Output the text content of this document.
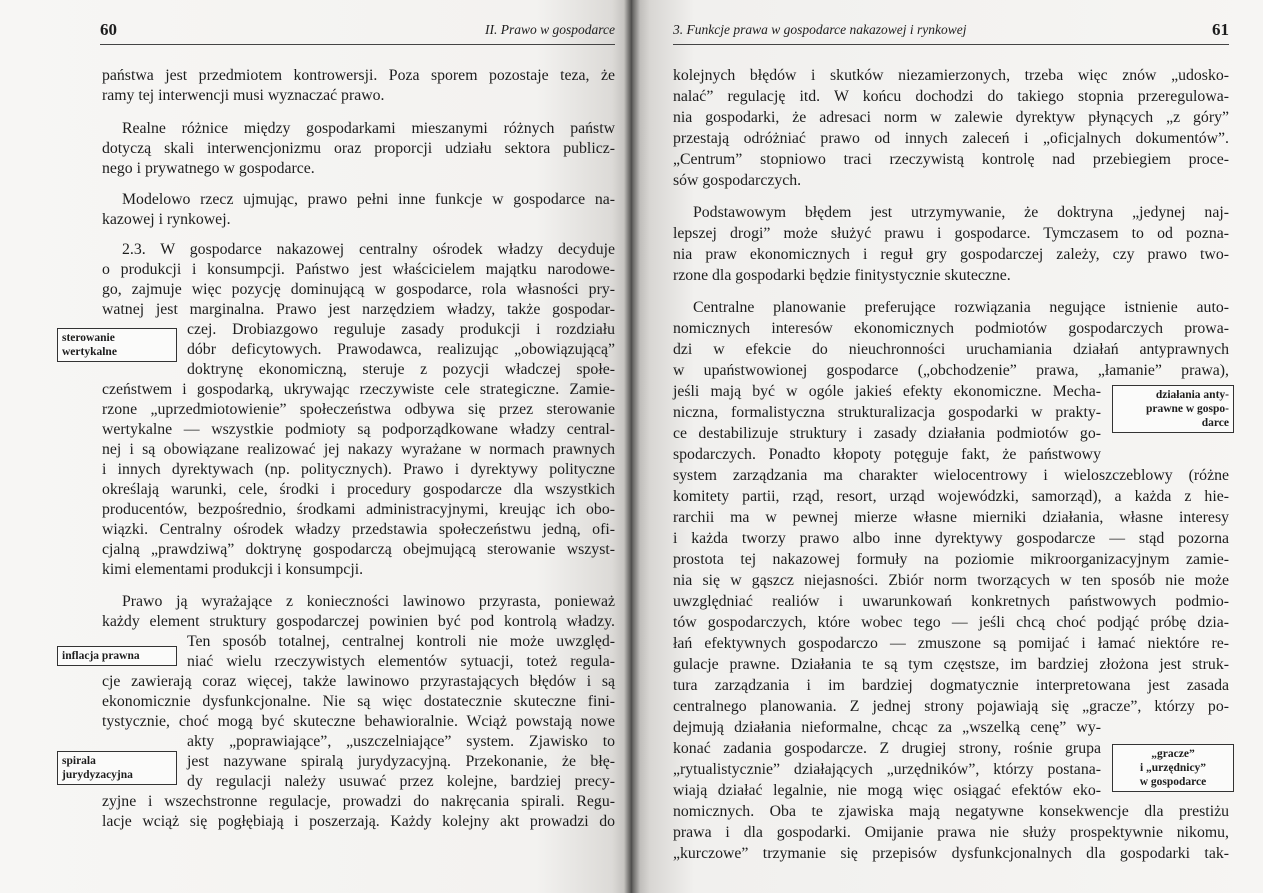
60	II. Prawo w gospodarce
państwa jest przedmiotem kontrowersji. Poza sporem pozostaje teza, że
ramy tej interwencji musi wyznaczać prawo.
Realne różnice między gospodarkami mieszanymi różnych państw
dotyczą skali interwencjonizmu oraz proporcji udziału sektora publicz-
nego i prywatnego w gospodarce.
Modelowo rzecz ujmując, prawo pełni inne funkcje w gospodarce na-
kazowej i rynkowej.
2.3. W gospodarce nakazowej centralny ośrodek władzy decyduje
o produkcji i konsumpcji. Państwo jest właścicielem majątku narodowe-
go, zajmuje więc pozycję dominującą w gospodarce, rola własności pry-
watnej jest marginalna. Prawo jest narzędziem władzy, także gospodar-
czej. Drobiazgowo reguluje zasady produkcji i rozdziału
dóbr deficytowych. Prawodawca, realizując „obowiązującą”
doktrynę ekonomiczną, steruje z pozycji władczej społe-
czeństwem i gospodarką, ukrywając rzeczywiste cele strategiczne. Zamie-
rzone „uprzedmiotowienie” społeczeństwa odbywa się przez sterowanie
wertykalne — wszystkie podmioty są podporządkowane władzy central-
nej i są obowiązane realizować jej nakazy wyrażane w normach prawnych
i innych dyrektywach (np. politycznych). Prawo i dyrektywy polityczne
określają warunki, cele, środki i procedury gospodarcze dla wszystkich
producentów, bezpośrednio, środkami administracyjnymi, kreując ich obo-
wiązki. Centralny ośrodek władzy przedstawia społeczeństwu jedną, ofi-
cjalną „prawdziwą” doktrynę gospodarczą obejmującą sterowanie wszyst-
kimi elementami produkcji i konsumpcji.
Prawo ją wyrażające z konieczności lawinowo przyrasta, ponieważ
każdy element struktury gospodarczej powinien być pod kontrolą władzy.
Ten sposób totalnej, centralnej kontroli nie może uwzględ-
niać wielu rzeczywistych elementów sytuacji, toteż regula-
cje zawierają coraz więcej, także lawinowo przyrastających błędów i są
ekonomicznie dysfunkcjonalne. Nie są więc dostatecznie skuteczne fini-
tystycznie, choć mogą być skuteczne behawioralnie. Wciąż powstają nowe
akty „poprawiające”, „uszczelniające” system. Zjawisko to
jest nazywane spiralą jurydyzacyjną. Przekonanie, że błę-
dy regulacji należy usuwać przez kolejne, bardziej precy-
zyjne i wszechstronne regulacje, prowadzi do nakręcania spirali. Regu-
lacje wciąż się pogłębiają i poszerzają. Każdy kolejny akt prowadzi do
sterowanie
wertykalne
inflacja prawna
spirala
jurydyzacyjna
3. Funkcje prawa w gospodarce nakazowej i rynkowej	61
kolejnych błędów i skutków niezamierzonych, trzeba więc znów „udosko-
nalać” regulację itd. W końcu dochodzi do takiego stopnia przeregulowa-
nia gospodarki, że adresaci norm w zalewie dyrektyw płynących „z góry”
przestają odróżniać prawo od innych zaleceń i „oficjalnych dokumentów”.
„Centrum” stopniowo traci rzeczywistą kontrolę nad przebiegiem proce-
sów gospodarczych.
Podstawowym błędem jest utrzymywanie, że doktryna „jedynej naj-
lepszej drogi” może służyć prawu i gospodarce. Tymczasem to od pozna-
nia praw ekonomicznych i reguł gry gospodarczej zależy, czy prawo two-
rzone dla gospodarki będzie finitystycznie skuteczne.
Centralne planowanie preferujące rozwiązania negujące istnienie auto-
nomicznych interesów ekonomicznych podmiotów gospodarczych prowa-
dzi w efekcie do nieuchronności uruchamiania działań antyprawnych
w upaństwowionej gospodarce („obchodzenie” prawa, „łamanie” prawa),
jeśli mają być w ogóle jakieś efekty ekonomiczne. Mecha-
niczna, formalistyczna strukturalizacja gospodarki w prakty-
ce destabilizuje struktury i zasady działania podmiotów go-
spodarczych. Ponadto kłopoty potęguje fakt, że państwowy
system zarządzania ma charakter wielocentrowy i wieloszczeblowy (różne
komitety partii, rząd, resort, urząd wojewódzki, samorząd), a każda z hie-
rarchii ma w pewnej mierze własne mierniki działania, własne interesy
i każda tworzy prawo albo inne dyrektywy gospodarcze — stąd pozorna
prostota tej nakazowej formuły na poziomie mikroorganizacyjnym zamie-
nia się w gąszcz niejasności. Zbiór norm tworzących w ten sposób nie może
uwzględniać realiów i uwarunkowań konkretnych państwowych podmio-
tów gospodarczych, które wobec tego — jeśli chcą choć podjąć próbę dzia-
łań efektywnych gospodarczo — zmuszone są pomijać i łamać niektóre re-
gulacje prawne. Działania te są tym częstsze, im bardziej złożona jest struk-
tura zarządzania i im bardziej dogmatycznie interpretowana jest zasada
centralnego planowania. Z jednej strony pojawiają się „gracze”, którzy po-
dejmują działania nieformalne, chcąc za „wszelką cenę” wy-
konać zadania gospodarcze. Z drugiej strony, rośnie grupa
„rytualistycznie” działających „urzędników”, którzy postana-
wiają działać legalnie, nie mogą więc osiągać efektów eko-
nomicznych. Oba te zjawiska mają negatywne konsekwencje dla prestiżu
prawa i dla gospodarki. Omijanie prawa nie służy prospektywnie nikomu,
„kurczowe” trzymanie się przepisów dysfunkcjonalnych dla gospodarki tak-
działania anty-
prawne w gospo-
darce
„gracze”
i „urzędnicy”
w gospodarce
